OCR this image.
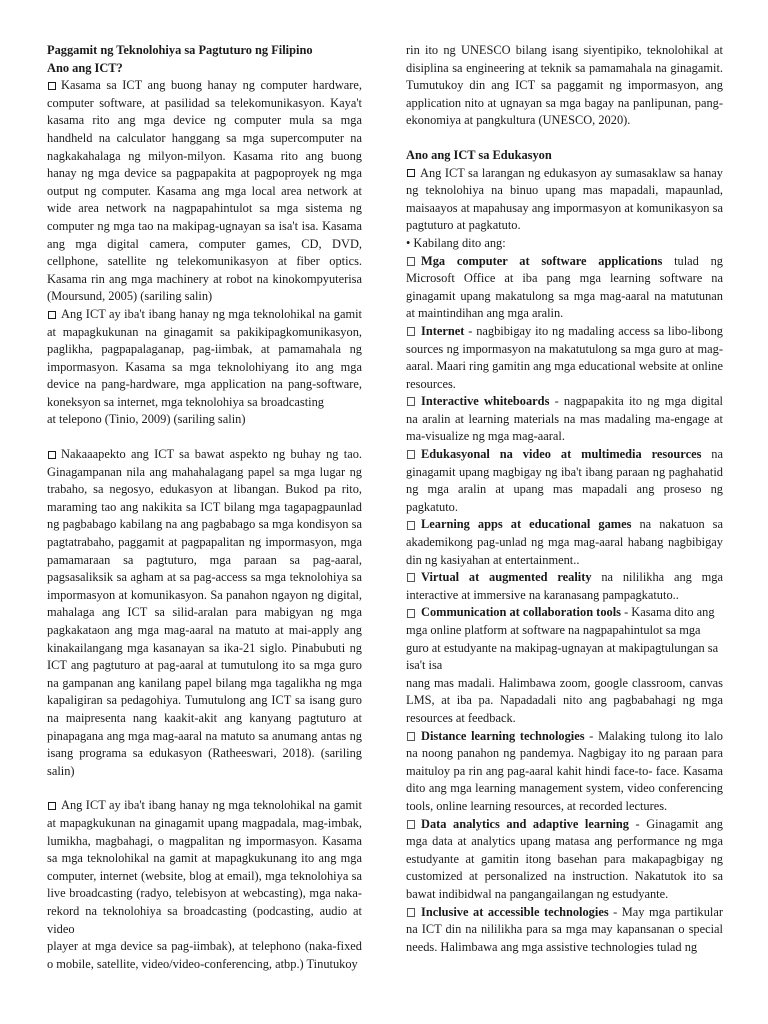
Paggamit ng Teknolohiya sa Pagtuturo ng Filipino

Ano ang ICT?

Kasama sa ICT ang buong hanay ng computer hardware, computer software, at pasilidad sa telekomunikasyon. Kaya't kasama rito ang mga device ng computer mula sa mga handheld na calculator hanggang sa mga supercomputer na nagkakahalaga ng milyon-milyon. Kasama rito ang buong hanay ng mga device sa pagpapakita at pagpoproyek ng mga output ng computer. Kasama ang mga local area network at wide area network na nagpapahintulot sa mga sistema ng computer ng mga tao na makipag-ugnayan sa isa't isa. Kasama ang mga digital camera, computer games, CD, DVD, cellphone, satellite ng telekomunikasyon at fiber optics. Kasama rin ang mga machinery at robot na kinokompyuterisa (Moursund, 2005) (sariling salin)

Ang ICT ay iba't ibang hanay ng mga teknolohikal na gamit at mapagkukunan na ginagamit sa pakikipagkomunikasyon, paglikha, pagpapalaganap, pag-iimbak, at pamamahala ng impormasyon. Kasama sa mga teknolohiyang ito ang mga device na pang-hardware, mga application na pang-software, koneksyon sa internet, mga teknolohiya sa broadcasting

at telepono (Tinio, 2009) (sariling salin)

Nakaaapekto ang ICT sa bawat aspekto ng buhay ng tao. Ginagampanan nila ang mahahalagang papel sa mga lugar ng trabaho, sa negosyo, edukasyon at libangan. Bukod pa rito, maraming tao ang nakikita sa ICT bilang mga tagapagpaunlad ng pagbabago kabilang na ang pagbabago sa mga kondisyon sa pagtatrabaho, paggamit at pagpapalitan ng impormasyon, mga pamamaraan sa pagtuturo, mga paraan sa pag-aaral, pagsasaliksik sa agham at sa pag-access sa mga teknolohiya sa impormasyon at komunikasyon. Sa panahon ngayon ng digital, mahalaga ang ICT sa silid-aralan para mabigyan ng mga pagkakataon ang mga mag-aaral na matuto at mai-apply ang kinakailangang mga kasanayan sa ika-21 siglo. Pinabubuti ng ICT ang pagtuturo at pag-aaral at tumutulong ito sa mga guro na gampanan ang kanilang papel bilang mga tagalikha ng mga kapaligiran sa pedagohiya. Tumutulong ang ICT sa isang guro na maipresenta nang kaakit-akit ang kanyang pagtuturo at pinapagana ang mga mag-aaral na matuto sa anumang antas ng isang programa sa edukasyon (Ratheeswari, 2018). (sariling salin)

Ang ICT ay iba't ibang hanay ng mga teknolohikal na gamit at mapagkukunan na ginagamit upang magpadala, mag-imbak, lumikha, magbahagi, o magpalitan ng impormasyon. Kasama sa mga teknolohikal na gamit at mapagkukunang ito ang mga computer, internet (website, blog at email), mga teknolohiya sa live broadcasting (radyo, telebisyon at webcasting), mga naka-rekord na teknolohiya sa broadcasting (podcasting, audio at video

player at mga device sa pag-iimbak), at telephono (naka-fixed o mobile, satellite, video/video-conferencing, atbp.) Tinutukoy

rin ito ng UNESCO bilang isang siyentipiko, teknolohikal at disiplina sa engineering at teknik sa pamamahala na ginagamit. Tumutukoy din ang ICT sa paggamit ng impormasyon, ang application nito at ugnayan sa mga bagay na panlipunan, pang-ekonomiya at pangkultura (UNESCO, 2020).

Ano ang ICT sa Edukasyon

Ang ICT sa larangan ng edukasyon ay sumasaklaw sa hanay ng teknolohiya na binuo upang mas mapadali, mapaunlad, maisaayos at mapahusay ang impormasyon at komunikasyon sa pagtuturo at pagkatuto.

• Kabilang dito ang:

Mga computer at software applications tulad ng Microsoft Office at iba pang mga learning software na ginagamit upang makatulong sa mga mag-aaral na matutunan at maintindihan ang mga aralin.

Internet - nagbibigay ito ng madaling access sa libo-libong sources ng impormasyon na makatutulong sa mga guro at mag-aaral. Maari ring gamitin ang mga educational website at online resources.

Interactive whiteboards - nagpapakita ito ng mga digital na aralin at learning materials na mas madaling ma-engage at ma-visualize ng mga mag-aaral.

Edukasyonal na video at multimedia resources na ginagamit upang magbigay ng iba't ibang paraan ng paghahatid ng mga aralin at upang mas mapadali ang proseso ng pagkatuto.

Learning apps at educational games na nakatuon sa akademikong pag-unlad ng mga mag-aaral habang nagbibigay din ng kasiyahan at entertainment..

Virtual at augmented reality na nililikha ang mga interactive at immersive na karanasang pampagkatuto..

Communication at collaboration tools - Kasama dito ang mga online platform at software na nagpapahintulot sa mga guro at estudyante na makipag-ugnayan at makipagtulungan sa isa't isa

nang mas madali. Halimbawa zoom, google classroom, canvas LMS, at iba pa. Napadadali nito ang pagbabahagi ng mga resources at feedback.

Distance learning technologies - Malaking tulong ito lalo na noong panahon ng pandemya. Nagbigay ito ng paraan para maituloy pa rin ang pag-aaral kahit hindi face-to- face. Kasama dito ang mga learning management system, video conferencing tools, online learning resources, at recorded lectures.

Data analytics and adaptive learning - Ginagamit ang mga data at analytics upang matasa ang performance ng mga estudyante at gamitin itong basehan para makapagbigay ng customized at personalized na instruction. Nakatutok ito sa bawat indibidwal na pangangailangan ng estudyante.

Inclusive at accessible technologies - May mga partikular na ICT din na nililikha para sa mga may kapansanan o special needs. Halimbawa ang mga assistive technologies tulad ng
